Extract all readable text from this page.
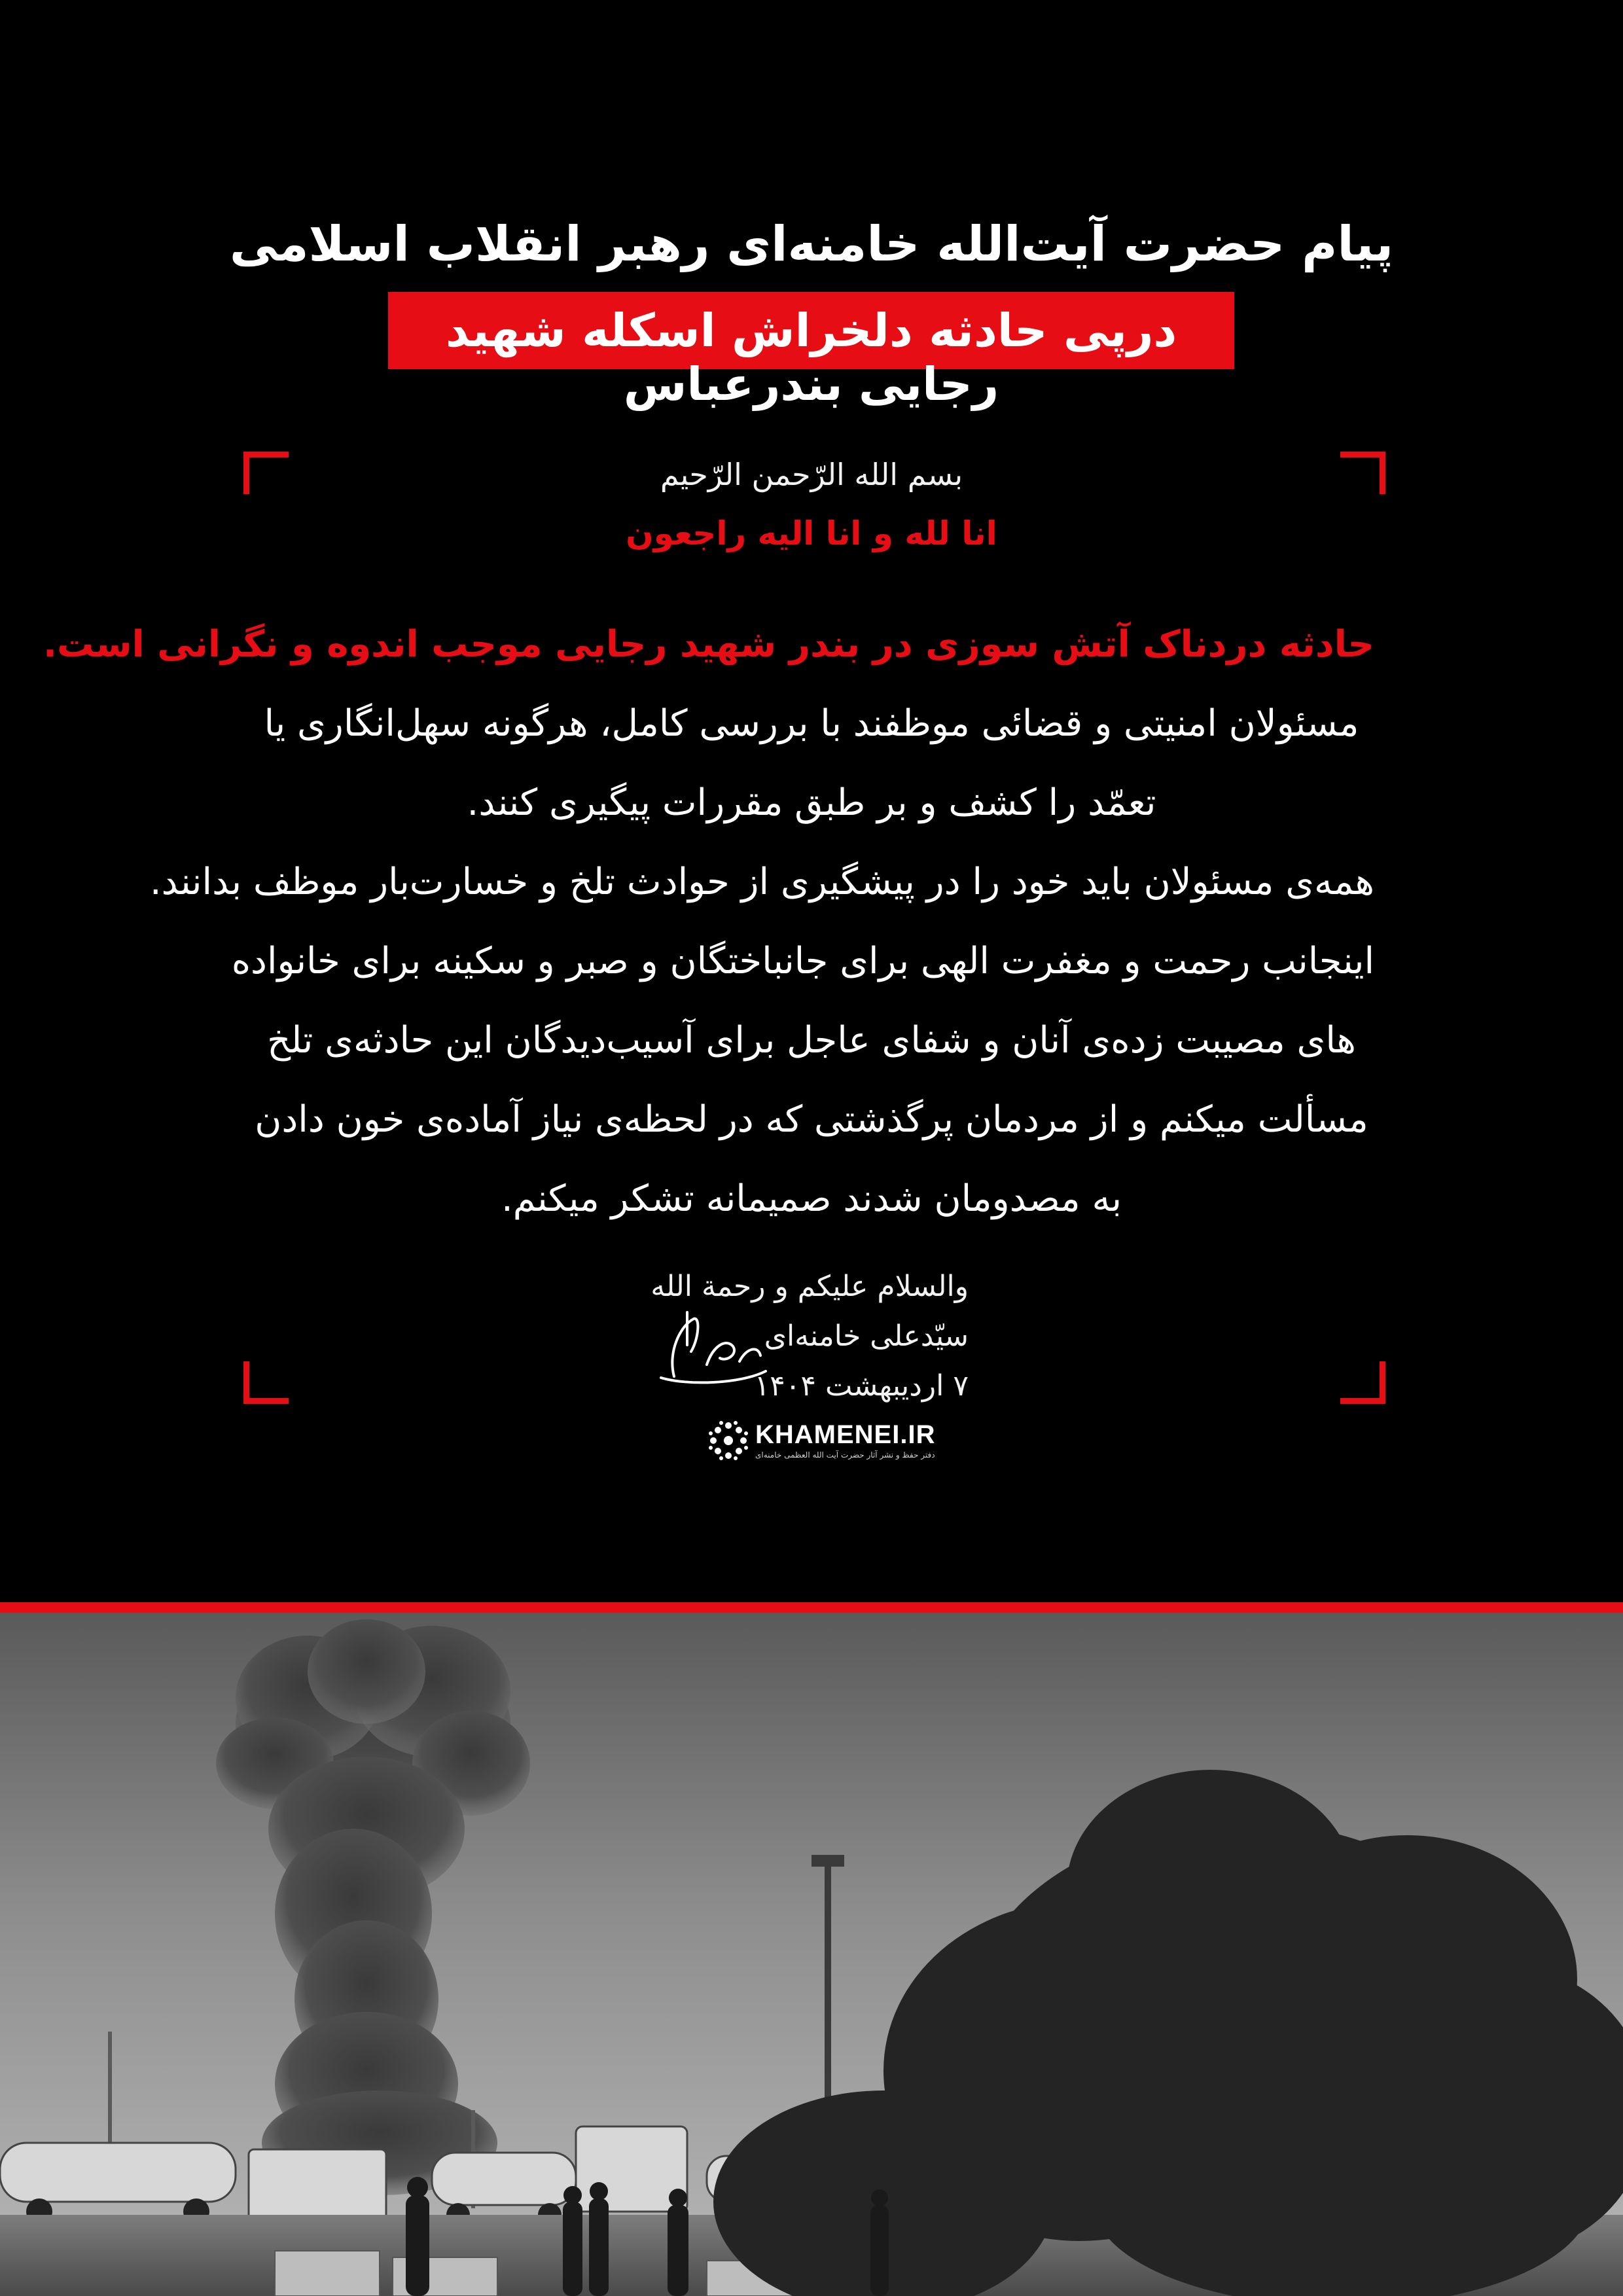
پیام حضرت آیت‌الله خامنه‌ای رهبر انقلاب اسلامی
درپی حادثه دلخراش اسکله شهید رجایی بندرعباس
بسم الله الرّحمن الرّحیم
انا لله و انا الیه راجعون
حادثه دردناک آتش سوزی در بندر شهید رجایی موجب اندوه و نگرانی است.
مسئولان امنیتی و قضائی موظفند با بررسی کامل، هرگونه سهل‌انگاری یا
تعمّد را کشف و بر طبق مقررات پیگیری کنند.
همه‌ی مسئولان باید خود را در پیشگیری از حوادث تلخ و خسارت‌بار موظف بدانند.
اینجانب رحمت و مغفرت الهی برای جانباختگان و صبر و سکینه برای خانواده
های مصیبت زده‌ی آنان و شفای عاجل برای آسیب‌دیدگان این حادثه‌ی تلخ
مسألت میکنم و از مردمان پرگذشتی که در لحظه‌ی نیاز آماده‌ی خون دادن
به مصدومان شدند صمیمانه تشکر میکنم.
والسلام علیکم و رحمة الله
سیّدعلی خامنه‌ای
۷ اردیبهشت ۱۴۰۴
KHAMENEI.IR
دفتر حفظ و نشر آثار حضرت آیت الله العظمی خامنه‌ای
